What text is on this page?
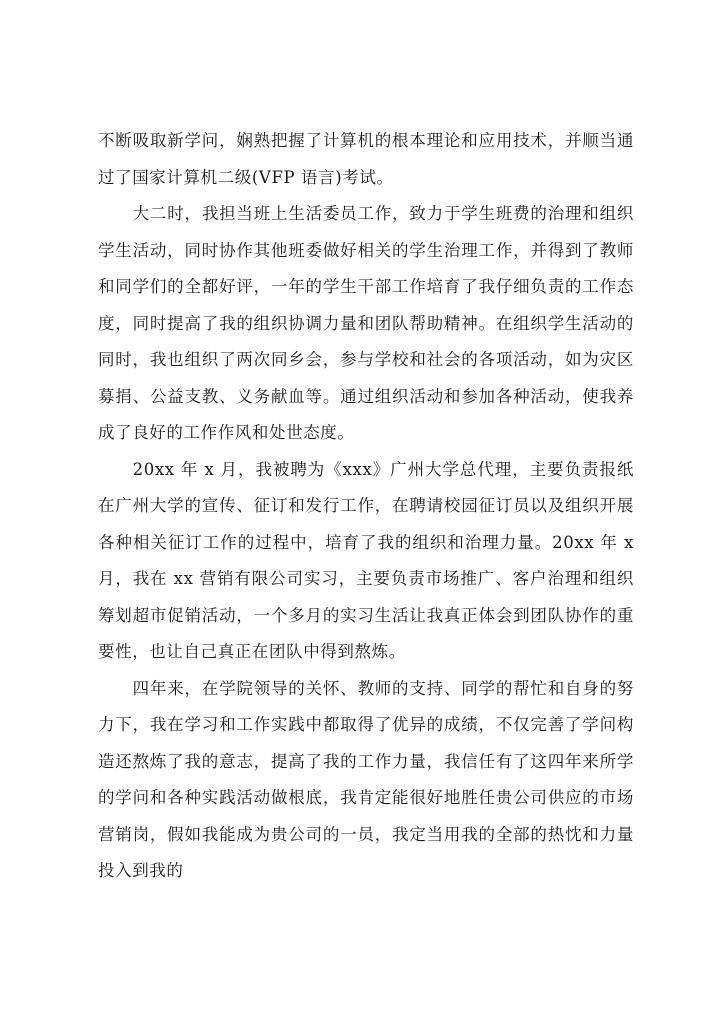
不断吸取新学问，娴熟把握了计算机的根本理论和应用技术，并顺当通过了国家计算机二级(VFP 语言)考试。

大二时，我担当班上生活委员工作，致力于学生班费的治理和组织学生活动，同时协作其他班委做好相关的学生治理工作，并得到了教师和同学们的全都好评，一年的学生干部工作培育了我仔细负责的工作态度，同时提高了我的组织协调力量和团队帮助精神。在组织学生活动的同时，我也组织了两次同乡会，参与学校和社会的各项活动，如为灾区募捐、公益支教、义务献血等。通过组织活动和参加各种活动，使我养成了良好的工作作风和处世态度。

20xx 年 x 月，我被聘为《xxx》广州大学总代理，主要负责报纸在广州大学的宣传、征订和发行工作，在聘请校园征订员以及组织开展各种相关征订工作的过程中，培育了我的组织和治理力量。20xx 年 x 月，我在 xx 营销有限公司实习，主要负责市场推广、客户治理和组织筹划超市促销活动，一个多月的实习生活让我真正体会到团队协作的重要性，也让自己真正在团队中得到熬炼。

四年来，在学院领导的关怀、教师的支持、同学的帮忙和自身的努力下，我在学习和工作实践中都取得了优异的成绩，不仅完善了学问构造还熬炼了我的意志，提高了我的工作力量，我信任有了这四年来所学的学问和各种实践活动做根底，我肯定能很好地胜任贵公司供应的市场营销岗，假如我能成为贵公司的一员，我定当用我的全部的热忱和力量投入到我的
